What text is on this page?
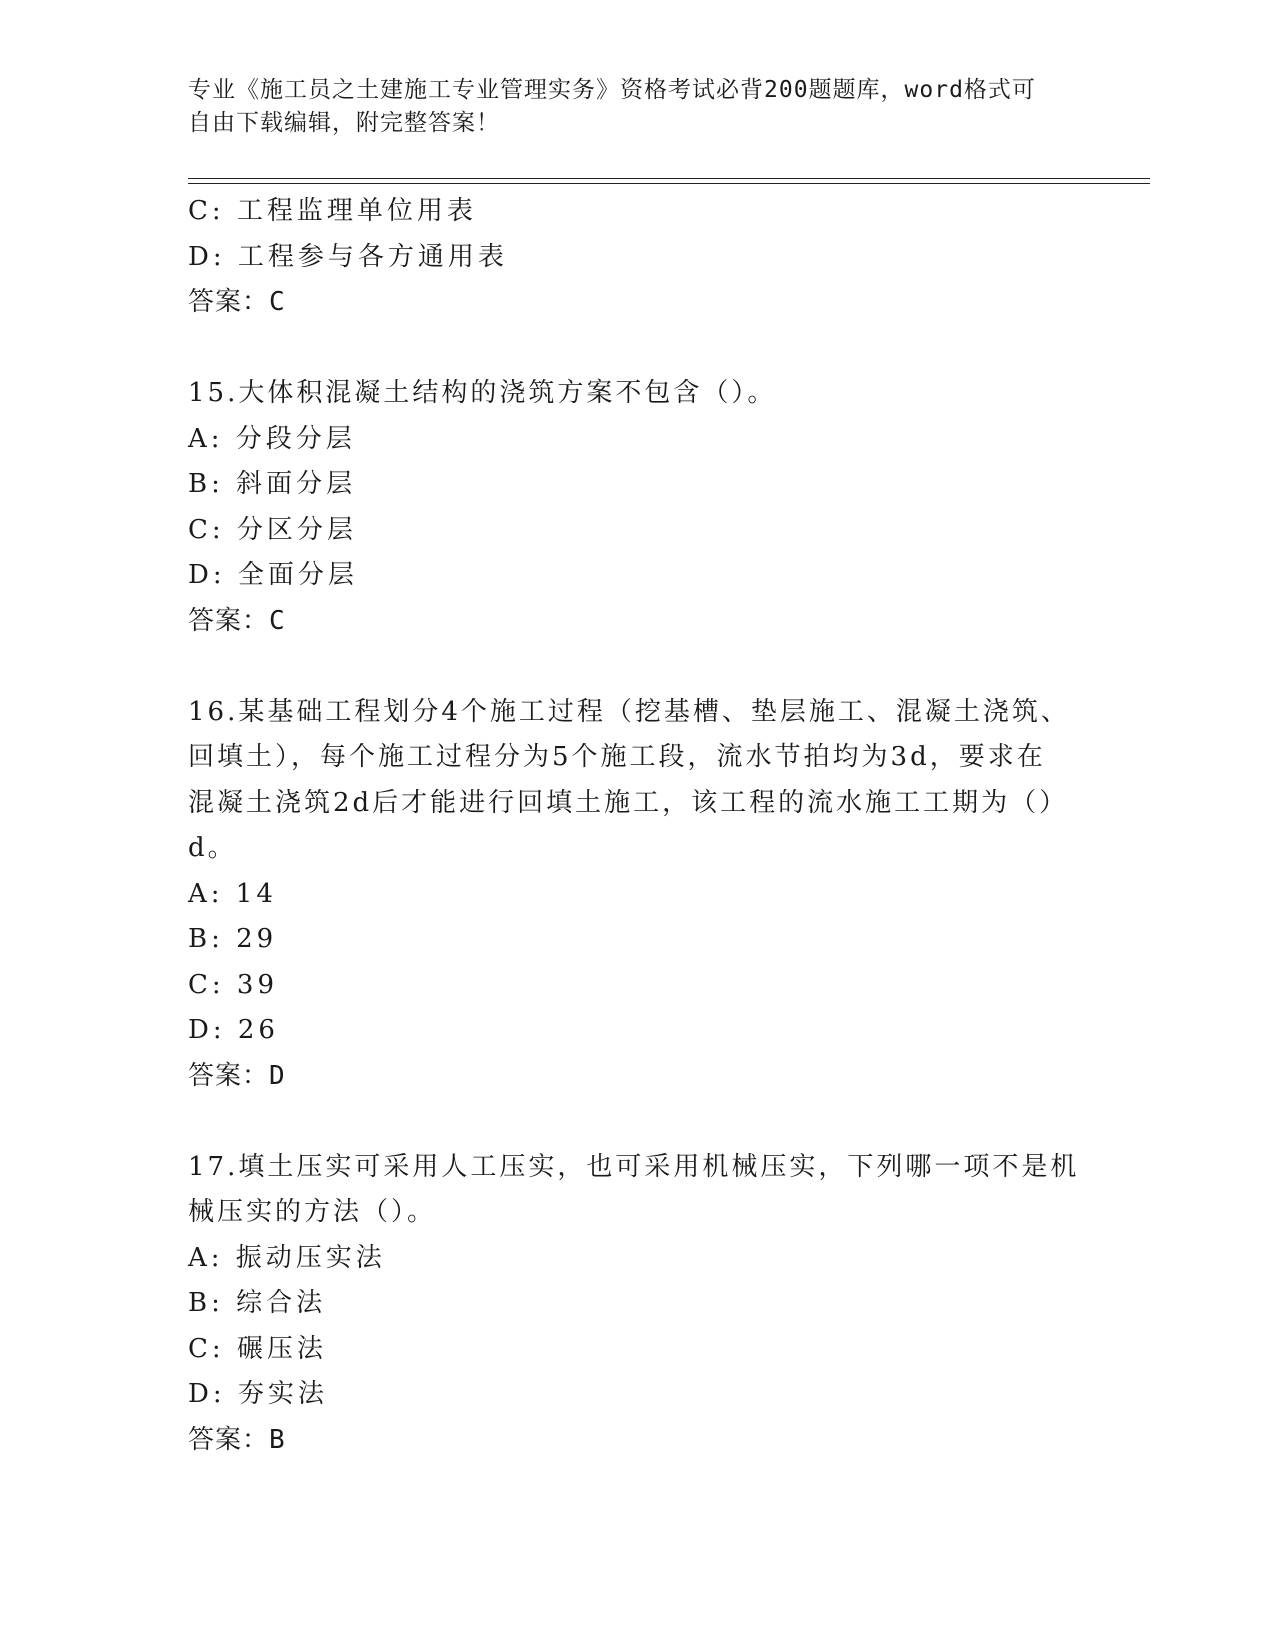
专业《施工员之土建施工专业管理实务》资格考试必背200题题库，word格式可
自由下载编辑，附完整答案！
C: 工程监理单位用表
D: 工程参与各方通用表
答案：C
15.大体积混凝土结构的浇筑方案不包含（）。
A: 分段分层
B: 斜面分层
C: 分区分层
D: 全面分层
答案：C
16.某基础工程划分4个施工过程（挖基槽、垫层施工、混凝土浇筑、
回填土），每个施工过程分为5个施工段，流水节拍均为3d，要求在
混凝土浇筑2d后才能进行回填土施工，该工程的流水施工工期为（）
d。
A: 14
B: 29
C: 39
D: 26
答案：D
17.填土压实可采用人工压实，也可采用机械压实，下列哪一项不是机
械压实的方法（）。
A: 振动压实法
B: 综合法
C: 碾压法
D: 夯实法
答案：B
